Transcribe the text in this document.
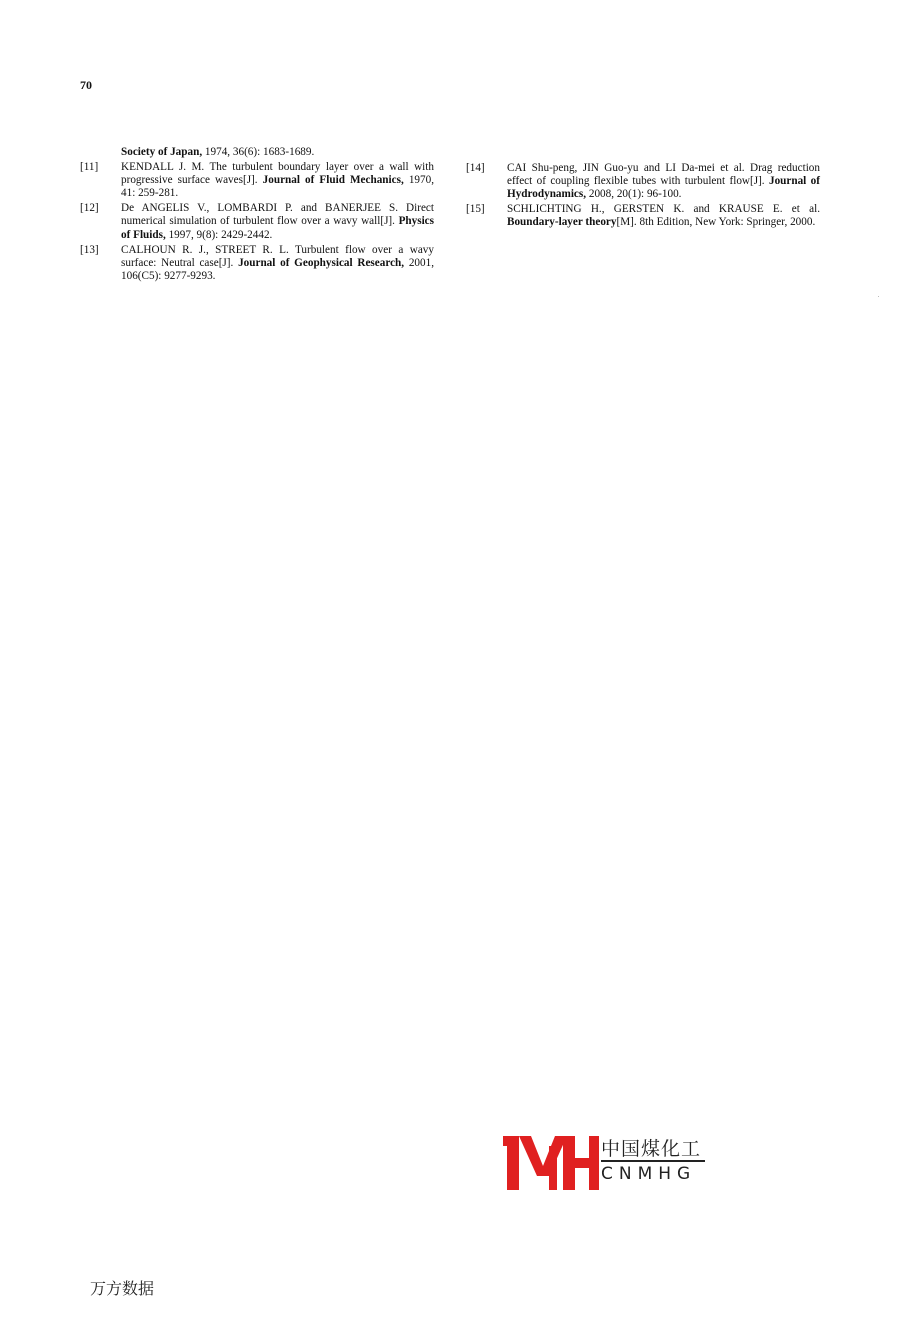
70
Society of Japan, 1974, 36(6): 1683-1689.
[11] KENDALL J. M. The turbulent boundary layer over a wall with progressive surface waves[J]. Journal of Fluid Mechanics, 1970, 41: 259-281.
[12] De ANGELIS V., LOMBARDI P. and BANERJEE S. Direct numerical simulation of turbulent flow over a wavy wall[J]. Physics of Fluids, 1997, 9(8): 2429-2442.
[13] CALHOUN R. J., STREET R. L. Turbulent flow over a wavy surface: Neutral case[J]. Journal of Geophysical Research, 2001, 106(C5): 9277-9293.
[14] CAI Shu-peng, JIN Guo-yu and LI Da-mei et al. Drag reduction effect of coupling flexible tubes with turbulent flow[J]. Journal of Hydrodynamics, 2008, 20(1): 96-100.
[15] SCHLICHTING H., GERSTEN K. and KRAUSE E. et al. Boundary-layer theory[M]. 8th Edition, New York: Springer, 2000.
中国煤化工
CNMHG
万方数据
